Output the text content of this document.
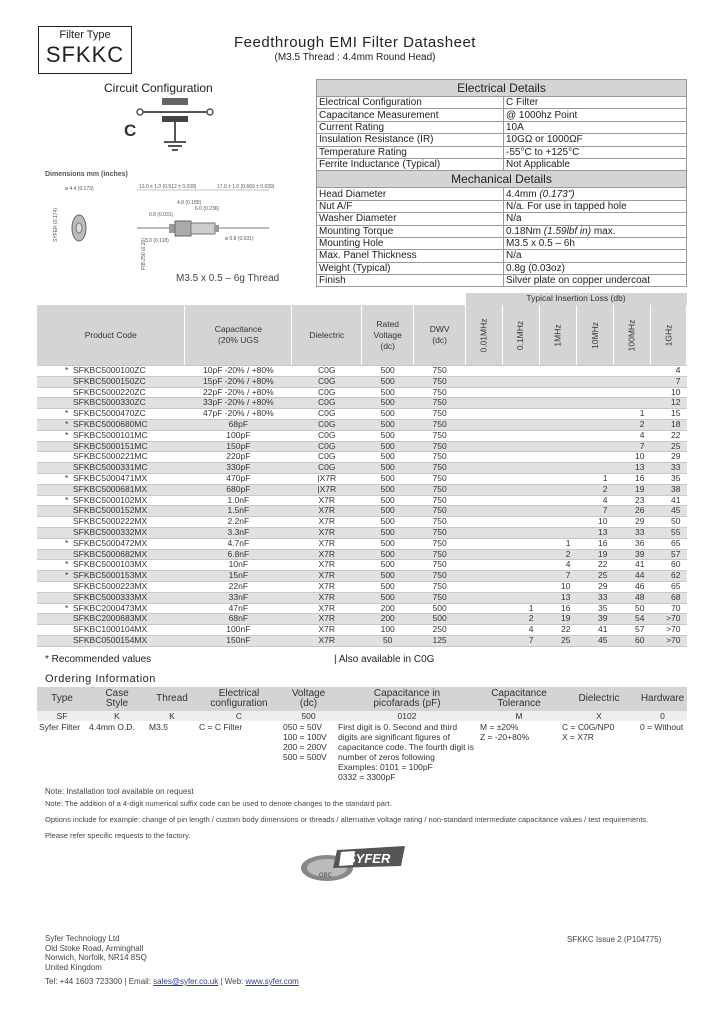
Filter Type
SFKKC	Feedthrough EMI Filter Datasheet
(M3.5 Thread : 4.4mm Round Head)
Circuit Configuration
C
Dimensions mm (inches)
ø 4.4 (0.173)	13.0 ± 1.0 (0.512 ± 0.039)	17.0 ± 1.0 (0.669 ± 0.039)
4.8 (0.189)
6.0 (0.236)
0.8 (0.031)
3.0 (0.118)	ø 0.8 (0.031)
SYFER (0.174)
FIB 250 (0.20)
M3.5 x 0.5 – 6g Thread
Electrical Details	
Electrical Configuration	C Filter
Capacitance Measurement	@ 1000hz Point
Current Rating	10A
Insulation Resistance (IR)	10GΩ or 1000ΩF
Temperature Rating	-55°C to +125°C
Ferrite Inductance (Typical)	Not Applicable
Mechanical Details	
Head Diameter	4.4mm (0.173")
Nut A/F	N/a. For use in tapped hole
Washer Diameter	N/a
Mounting Torque	0.18Nm (1.59lbf in) max.
Mounting Hole	M3.5 x 0.5 – 6h
Max. Panel Thickness	N/a
Weight (Typical)	0.8g (0.03oz)
Finish	Silver plate on copper undercoat
					Typical Insertion Loss (db)					
Product Code	Capacitance
(20% UGS	Dielectric	Rated
Voltage
(dc)	DWV
(dc)	0.01MHz	0.1MHz	1MHz	10MHz	100MHz	1GHz
* SFKBC5000100ZC	10pF -20% / +80%	C0G	500	750						4
SFKBC5000150ZC	15pF -20% / +80%	C0G	500	750						7
SFKBC5000220ZC	22pF -20% / +80%	C0G	500	750						10
SFKBC5000330ZC	33pF -20% / +80%	C0G	500	750						12
* SFKBC5000470ZC	47pF -20% / +80%	C0G	500	750					1	15
* SFKBC5000680MC	68pF	C0G	500	750					2	18
* SFKBC5000101MC	100pF	C0G	500	750					4	22
SFKBC5000151MC	150pF	C0G	500	750					7	25
SFKBC5000221MC	220pF	C0G	500	750					10	29
SFKBC5000331MC	330pF	C0G	500	750					13	33
* SFKBC5000471MX	470pF	|X7R	500	750				1	16	35
SFKBC5000681MX	680pF	|X7R	500	750				2	19	38
* SFKBC5000102MX	1.0nF	X7R	500	750				4	23	41
SFKBC5000152MX	1.5nF	X7R	500	750				7	26	45
SFKBC5000222MX	2.2nF	X7R	500	750				10	29	50
SFKBC5000332MX	3.3nF	X7R	500	750				13	33	55
* SFKBC5000472MX	4.7nF	X7R	500	750			1	16	36	65
SFKBC5000682MX	6.8nF	X7R	500	750			2	19	39	57
* SFKBC5000103MX	10nF	X7R	500	750			4	22	41	60
* SFKBC5000153MX	15nF	X7R	500	750			7	25	44	62
SFKBC5000223MX	22nF	X7R	500	750			10	29	46	65
SFKBC5000333MX	33nF	X7R	500	750			13	33	48	68
* SFKBC2000473MX	47nF	X7R	200	500		1	16	35	50	70
SFKBC2000683MX	68nF	X7R	200	500		2	19	39	54	>70
SFKBC1000104MX	100nF	X7R	100	250		4	22	41	57	>70
SFKBC0500154MX	150nF	X7R	50	125		7	25	45	60	>70
* Recommended values	| Also available in C0G
Ordering Information
Type	Case
Style	Thread	Electrical
configuration	Voltage
(dc)	Capacitance in
picofarads (pF)	Capacitance
Tolerance	Dielectric	Hardware
SF	K	K	C	500	0102	M	X	0
Syfer Filter	4.4mm O.D.	M3.5	C = C Filter	050 = 50V
100 = 100V
200 = 200V
500 = 500V	First digit is 0. Second and third digits are significant figures of capacitance code. The fourth digit is number of zeros following
Examples: 0101 = 100pF
0332 = 3300pF	M = ±20%
Z = -20+80%	C = C0G/NP0
X = X7R	0 = Without
Note: Installation tool available on request

Note: The addition of a 4-digit numerical suffix code can be used to denote changes to the standard part.

Options include for example: change of pin length / custom body dimensions or threads / alternative voltage rating / non-standard intermediate capacitance values / test requirements.

Please refer specific requests to the factory.

SYFER
GBC
Syfer Technology Ltd
Old Stoke Road, Arminghall
Norwich, Norfolk, NR14 8SQ
United Kingdom
SFKKC Issue 2 (P104775)
Tel: +44 1603 723300 | Email: sales@syfer.co.uk | Web: www.syfer.com
